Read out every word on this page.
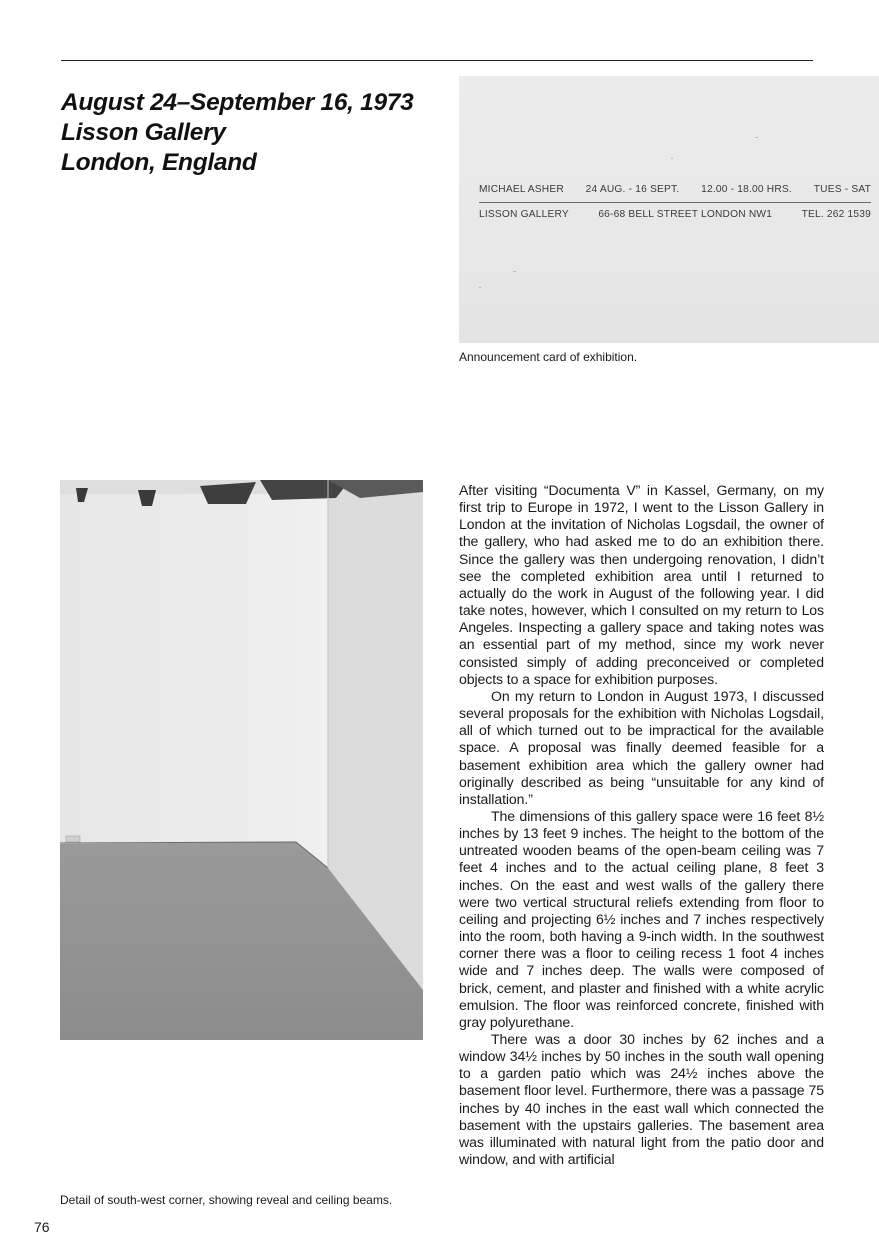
August 24–September 16, 1973
Lisson Gallery
London, England
MICHAEL ASHER 24 AUG. - 16 SEPT. 12.00 - 18.00 HRS. TUES - SAT
LISSON GALLERY	66-68 BELL STREET LONDON NW1	TEL. 262 1539
Announcement card of exhibition.
Detail of south-west corner, showing reveal and ceiling beams.

After visiting “Documenta V” in Kassel, Germany, on my first trip to Europe in 1972, I went to the Lisson Gallery in London at the invitation of Nicholas Logsdail, the owner of the gallery, who had asked me to do an exhibition there. Since the gallery was then undergoing renovation, I didn’t see the completed exhibition area until I returned to actually do the work in August of the following year. I did take notes, however, which I consulted on my return to Los Angeles. Inspecting a gallery space and taking notes was an essential part of my method, since my work never consisted simply of adding preconceived or completed objects to a space for exhibition purposes.

On my return to London in August 1973, I discussed several proposals for the exhibition with Nicholas Logsdail, all of which turned out to be impractical for the available space. A proposal was finally deemed feasible for a basement exhibition area which the gallery owner had originally described as being “unsuitable for any kind of installation.”

The dimensions of this gallery space were 16 feet 8½ inches by 13 feet 9 inches. The height to the bottom of the untreated wooden beams of the open-beam ceiling was 7 feet 4 inches and to the actual ceiling plane, 8 feet 3 inches. On the east and west walls of the gallery there were two vertical structural reliefs extending from floor to ceiling and projecting 6½ inches and 7 inches respectively into the room, both having a 9-inch width. In the southwest corner there was a floor to ceiling recess 1 foot 4 inches wide and 7 inches deep. The walls were composed of brick, cement, and plaster and finished with a white acrylic emulsion. The floor was reinforced concrete, finished with gray polyurethane.

There was a door 30 inches by 62 inches and a window 34½ inches by 50 inches in the south wall opening to a garden patio which was 24½ inches above the basement floor level. Furthermore, there was a passage 75 inches by 40 inches in the east wall which connected the basement with the upstairs galleries. The basement area was illuminated with natural light from the patio door and window, and with artificial

76
